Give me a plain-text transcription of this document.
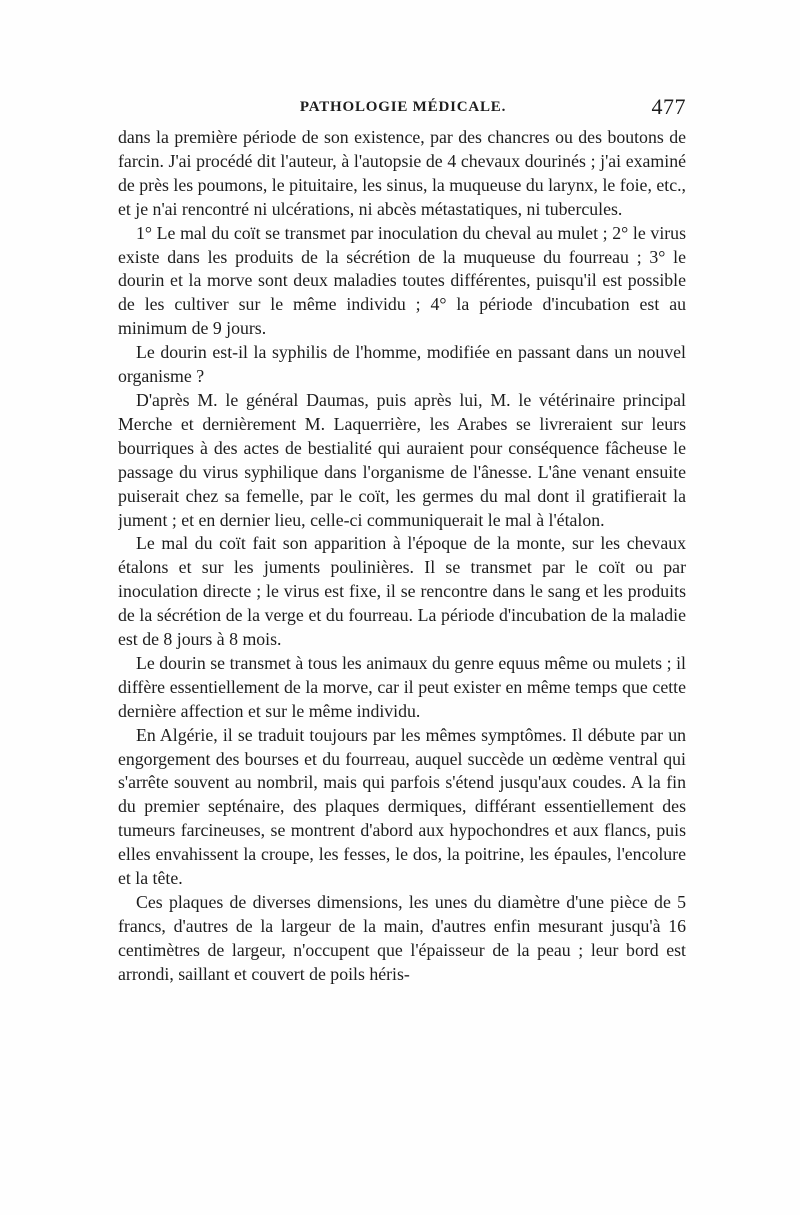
PATHOLOGIE MÉDICALE.	477

dans la première période de son existence, par des chancres ou des boutons de farcin. J'ai procédé dit l'auteur, à l'autopsie de 4 chevaux dourinés ; j'ai examiné de près les poumons, le pituitaire, les sinus, la muqueuse du larynx, le foie, etc., et je n'ai rencontré ni ulcérations, ni abcès métastatiques, ni tubercules.

1° Le mal du coït se transmet par inoculation du cheval au mulet ; 2° le virus existe dans les produits de la sécrétion de la muqueuse du fourreau ; 3° le dourin et la morve sont deux maladies toutes différentes, puisqu'il est possible de les cultiver sur le même individu ; 4° la période d'incubation est au minimum de 9 jours.

Le dourin est-il la syphilis de l'homme, modifiée en passant dans un nouvel organisme ?

D'après M. le général Daumas, puis après lui, M. le vétérinaire principal Merche et dernièrement M. Laquerrière, les Arabes se livreraient sur leurs bourriques à des actes de bestialité qui auraient pour conséquence fâcheuse le passage du virus syphilique dans l'organisme de l'ânesse. L'âne venant ensuite puiserait chez sa femelle, par le coït, les germes du mal dont il gratifierait la jument ; et en dernier lieu, celle-ci communiquerait le mal à l'étalon.

Le mal du coït fait son apparition à l'époque de la monte, sur les chevaux étalons et sur les juments poulinières. Il se transmet par le coït ou par inoculation directe ; le virus est fixe, il se rencontre dans le sang et les produits de la sécrétion de la verge et du fourreau. La période d'incubation de la maladie est de 8 jours à 8 mois.

Le dourin se transmet à tous les animaux du genre equus même ou mulets ; il diffère essentiellement de la morve, car il peut exister en même temps que cette dernière affection et sur le même individu.

En Algérie, il se traduit toujours par les mêmes symptômes. Il débute par un engorgement des bourses et du fourreau, auquel succède un œdème ventral qui s'arrête souvent au nombril, mais qui parfois s'étend jusqu'aux coudes. A la fin du premier septénaire, des plaques dermiques, différant essentiellement des tumeurs farcineuses, se montrent d'abord aux hypochondres et aux flancs, puis elles envahissent la croupe, les fesses, le dos, la poitrine, les épaules, l'encolure et la tête.

Ces plaques de diverses dimensions, les unes du diamètre d'une pièce de 5 francs, d'autres de la largeur de la main, d'autres enfin mesurant jusqu'à 16 centimètres de largeur, n'occupent que l'épaisseur de la peau ; leur bord est arrondi, saillant et couvert de poils héris-
